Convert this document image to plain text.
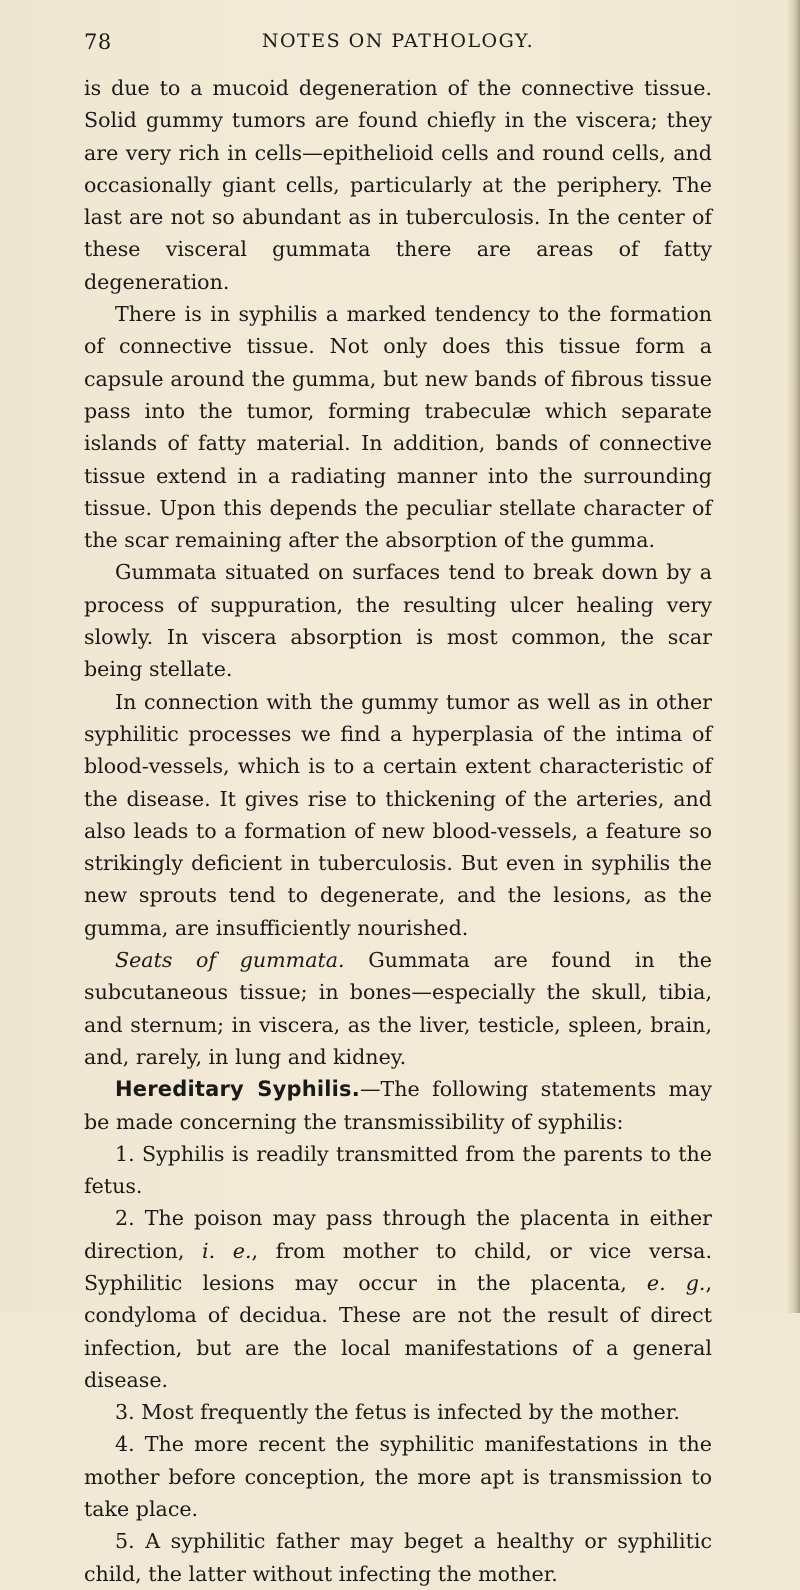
78	NOTES ON PATHOLOGY.

is due to a mucoid degeneration of the connective tissue. Solid gummy tumors are found chiefly in the viscera; they are very rich in cells—epithelioid cells and round cells, and occasionally giant cells, particularly at the periphery. The last are not so abundant as in tuberculosis. In the center of these visceral gummata there are areas of fatty degeneration.

There is in syphilis a marked tendency to the formation of connective tissue. Not only does this tissue form a capsule around the gumma, but new bands of fibrous tissue pass into the tumor, forming trabeculæ which separate islands of fatty material. In addition, bands of connective tissue extend in a radiating manner into the surrounding tissue. Upon this depends the peculiar stellate character of the scar remaining after the absorption of the gumma.

Gummata situated on surfaces tend to break down by a process of suppuration, the resulting ulcer healing very slowly. In viscera absorption is most common, the scar being stellate.

In connection with the gummy tumor as well as in other syphilitic processes we find a hyperplasia of the intima of blood-vessels, which is to a certain extent characteristic of the disease. It gives rise to thickening of the arteries, and also leads to a formation of new blood-vessels, a feature so strikingly deficient in tuberculosis. But even in syphilis the new sprouts tend to degenerate, and the lesions, as the gumma, are insufficiently nourished.

Seats of gummata. Gummata are found in the subcutaneous tissue; in bones—especially the skull, tibia, and sternum; in viscera, as the liver, testicle, spleen, brain, and, rarely, in lung and kidney.

Hereditary Syphilis.—The following statements may be made concerning the transmissibility of syphilis:

1. Syphilis is readily transmitted from the parents to the fetus.

2. The poison may pass through the placenta in either direction, i. e., from mother to child, or vice versa. Syphilitic lesions may occur in the placenta, e. g., condyloma of decidua. These are not the result of direct infection, but are the local manifestations of a general disease.

3. Most frequently the fetus is infected by the mother.

4. The more recent the syphilitic manifestations in the mother before conception, the more apt is transmission to take place.

5. A syphilitic father may beget a healthy or syphilitic child, the latter without infecting the mother.
